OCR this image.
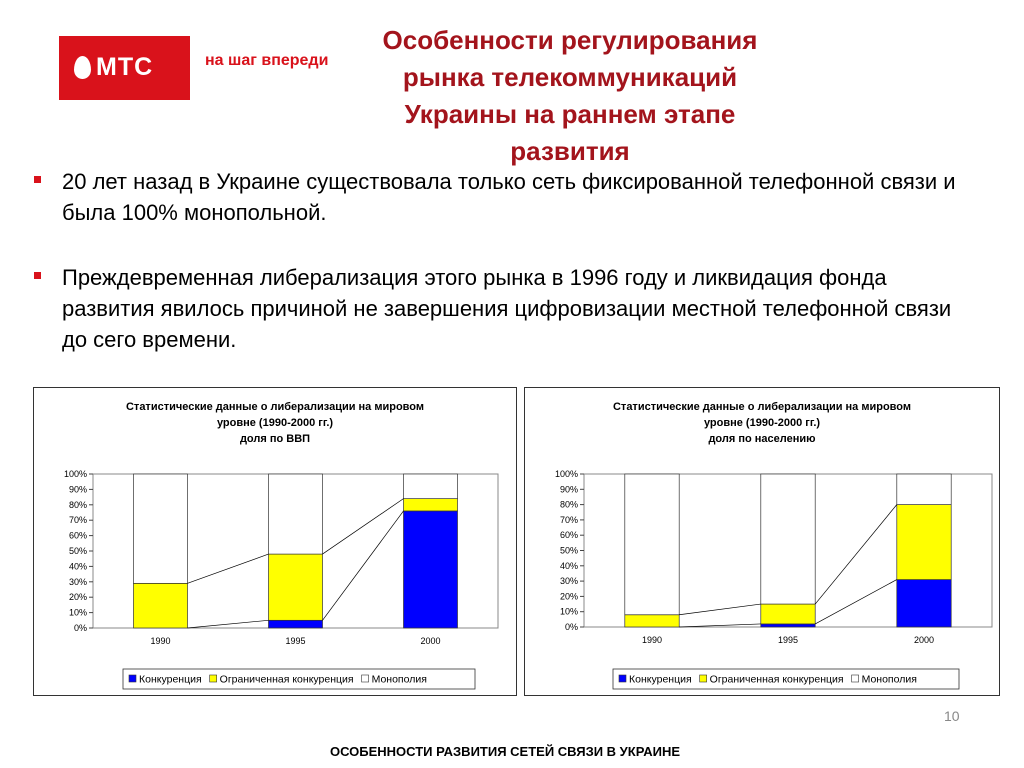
МТС	на шаг впереди
Особенности регулирования рынка телекоммуникаций Украины на раннем этапе развития
20 лет назад в Украине существовала только сеть фиксированной телефонной связи и была 100% монопольной.
Преждевременная либерализация этого рынка в 1996 году и ликвидация фонда развития явилось причиной не завершения цифровизации местной телефонной связи до сего времени.
Статистические данные о либерализации на мировом
уровне (1990-2000 гг.)
доля по ВВП
0%
10%
20%
30%
40%
50%
60%
70%
80%
90%
100%
1990	1995	2000
Конкуренция Ограниченная конкуренция Монополия
Статистические данные о либерализации на мировом
уровне (1990-2000 гг.)
доля по населению
0%
10%
20%
30%
40%
50%
60%
70%
80%
90%
100%
1990	1995	2000
Конкуренция Ограниченная конкуренция Монополия
10
ОСОБЕННОСТИ РАЗВИТИЯ СЕТЕЙ СВЯЗИ В УКРАИНЕ
